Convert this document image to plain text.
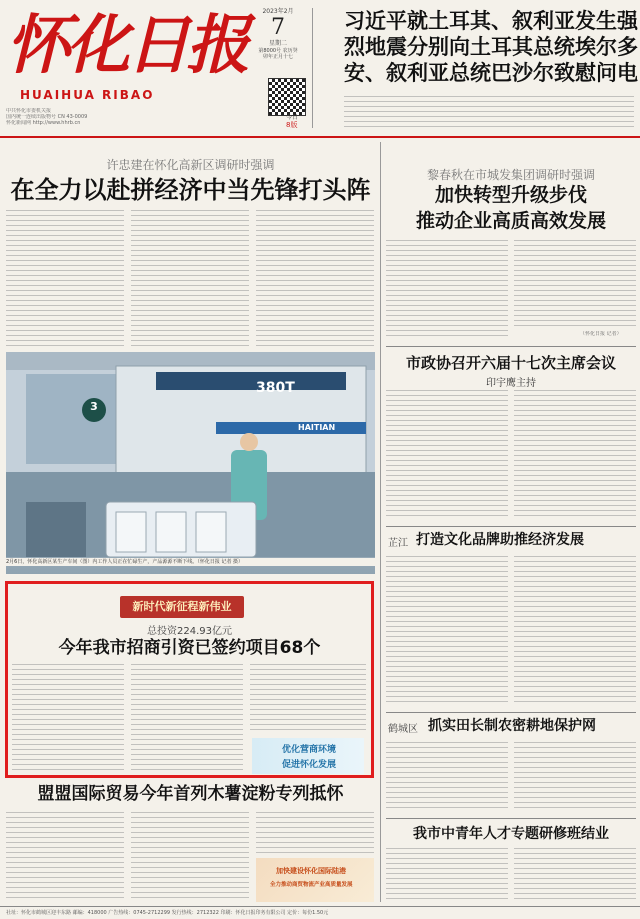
怀化日报
HUAIHUA RIBAO
中共怀化市委机关报
国内统一连续出版物号 CN 43-0009
怀化新闻网 http://www.hhrb.cn
2023年2月
7
星期二
第8000号 农历癸卯年正月十七
今日
8版
习近平就土耳其、叙利亚发生强烈地震分别向土耳其总统埃尔多安、叙利亚总统巴沙尔致慰问电
许忠建在怀化高新区调研时强调
在全力以赴拼经济中当先锋打头阵
3
380T
HAITIAN
2月6日，怀化高新区某生产车间（图）内工作人员正在忙碌生产，产品源源不断下线。（怀化日报 记者 摄）
新时代新征程新伟业
总投资224.93亿元
今年我市招商引资已签约项目68个
优化营商环境
促进怀化发展
盟盟国际贸易今年首列木薯淀粉专列抵怀
加快建设怀化国际陆港
全力推动商贸物流产业高质量发展
黎春秋在市城发集团调研时强调
加快转型升级步伐
推动企业高质高效发展
（怀化日报 记者）
市政协召开六届十七次主席会议
印宇鹰主持
芷江 打造文化品牌助推经济发展
鹤城区 抓实田长制农密耕地保护网
我市中青年人才专题研修班结业
社址：怀化市鹤城区迎丰东路 邮编：418000 广告热线：0745-2712299 发行热线：2712322 印刷：怀化日报印务有限公司 定价：每份1.50元
